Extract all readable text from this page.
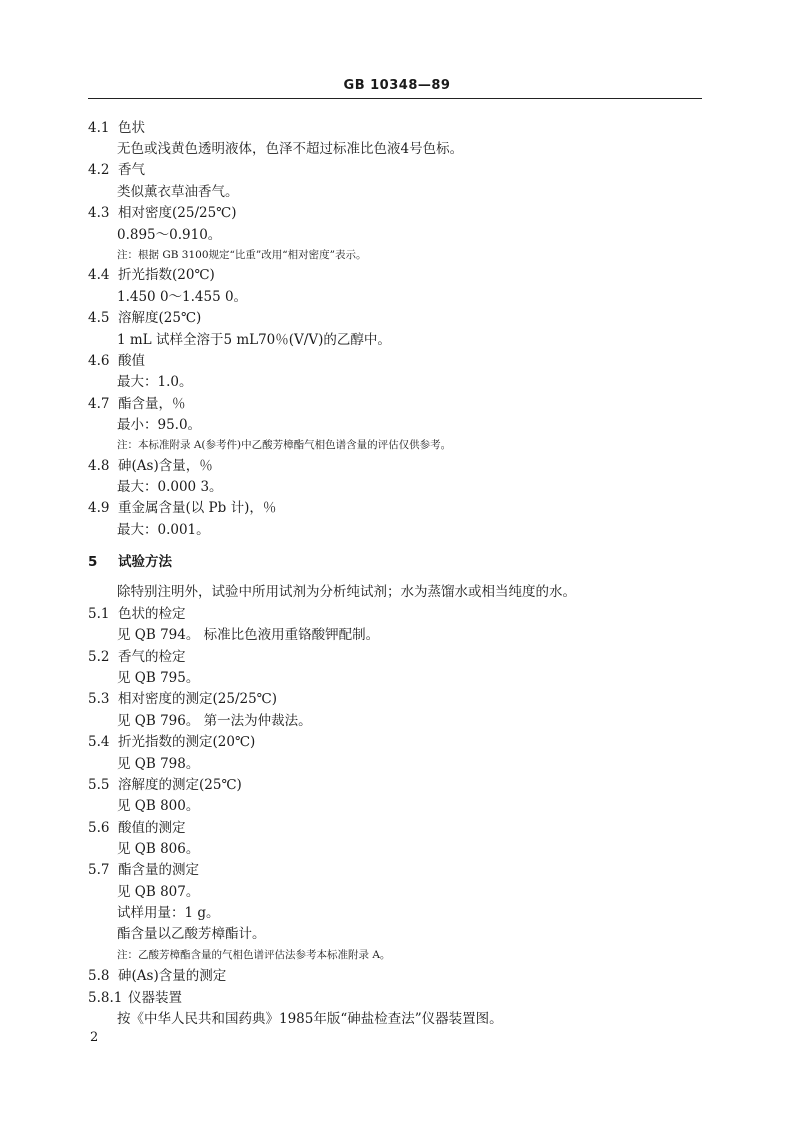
GB 10348—89
4.1 色状
无色或浅黄色透明液体，色泽不超过标准比色液4号色标。
4.2 香气
类似薰衣草油香气。
4.3 相对密度(25/25℃)
0.895～0.910。
注：根据 GB 3100规定“比重”改用“相对密度”表示。
4.4 折光指数(20℃)
1.450 0～1.455 0。
4.5 溶解度(25℃)
1 mL 试样全溶于5 mL70％(V/V)的乙醇中。
4.6 酸值
最大：1.0。
4.7 酯含量，％
最小：95.0。
注：本标准附录 A(参考件)中乙酸芳樟酯气相色谱含量的评估仅供参考。
4.8 砷(As)含量，％
最大：0.000 3。
4.9 重金属含量(以 Pb 计)，％
最大：0.001。
5 试验方法
除特别注明外，试验中所用试剂为分析纯试剂；水为蒸馏水或相当纯度的水。
5.1 色状的检定
见 QB 794。 标准比色液用重铬酸钾配制。
5.2 香气的检定
见 QB 795。
5.3 相对密度的测定(25/25℃)
见 QB 796。 第一法为仲裁法。
5.4 折光指数的测定(20℃)
见 QB 798。
5.5 溶解度的测定(25℃)
见 QB 800。
5.6 酸值的测定
见 QB 806。
5.7 酯含量的测定
见 QB 807。
试样用量：1 g。
酯含量以乙酸芳樟酯计。
注：乙酸芳樟酯含量的气相色谱评估法参考本标准附录 A。
5.8 砷(As)含量的测定
5.8.1 仪器装置
按《中华人民共和国药典》1985年版“砷盐检查法”仪器装置图。
2
